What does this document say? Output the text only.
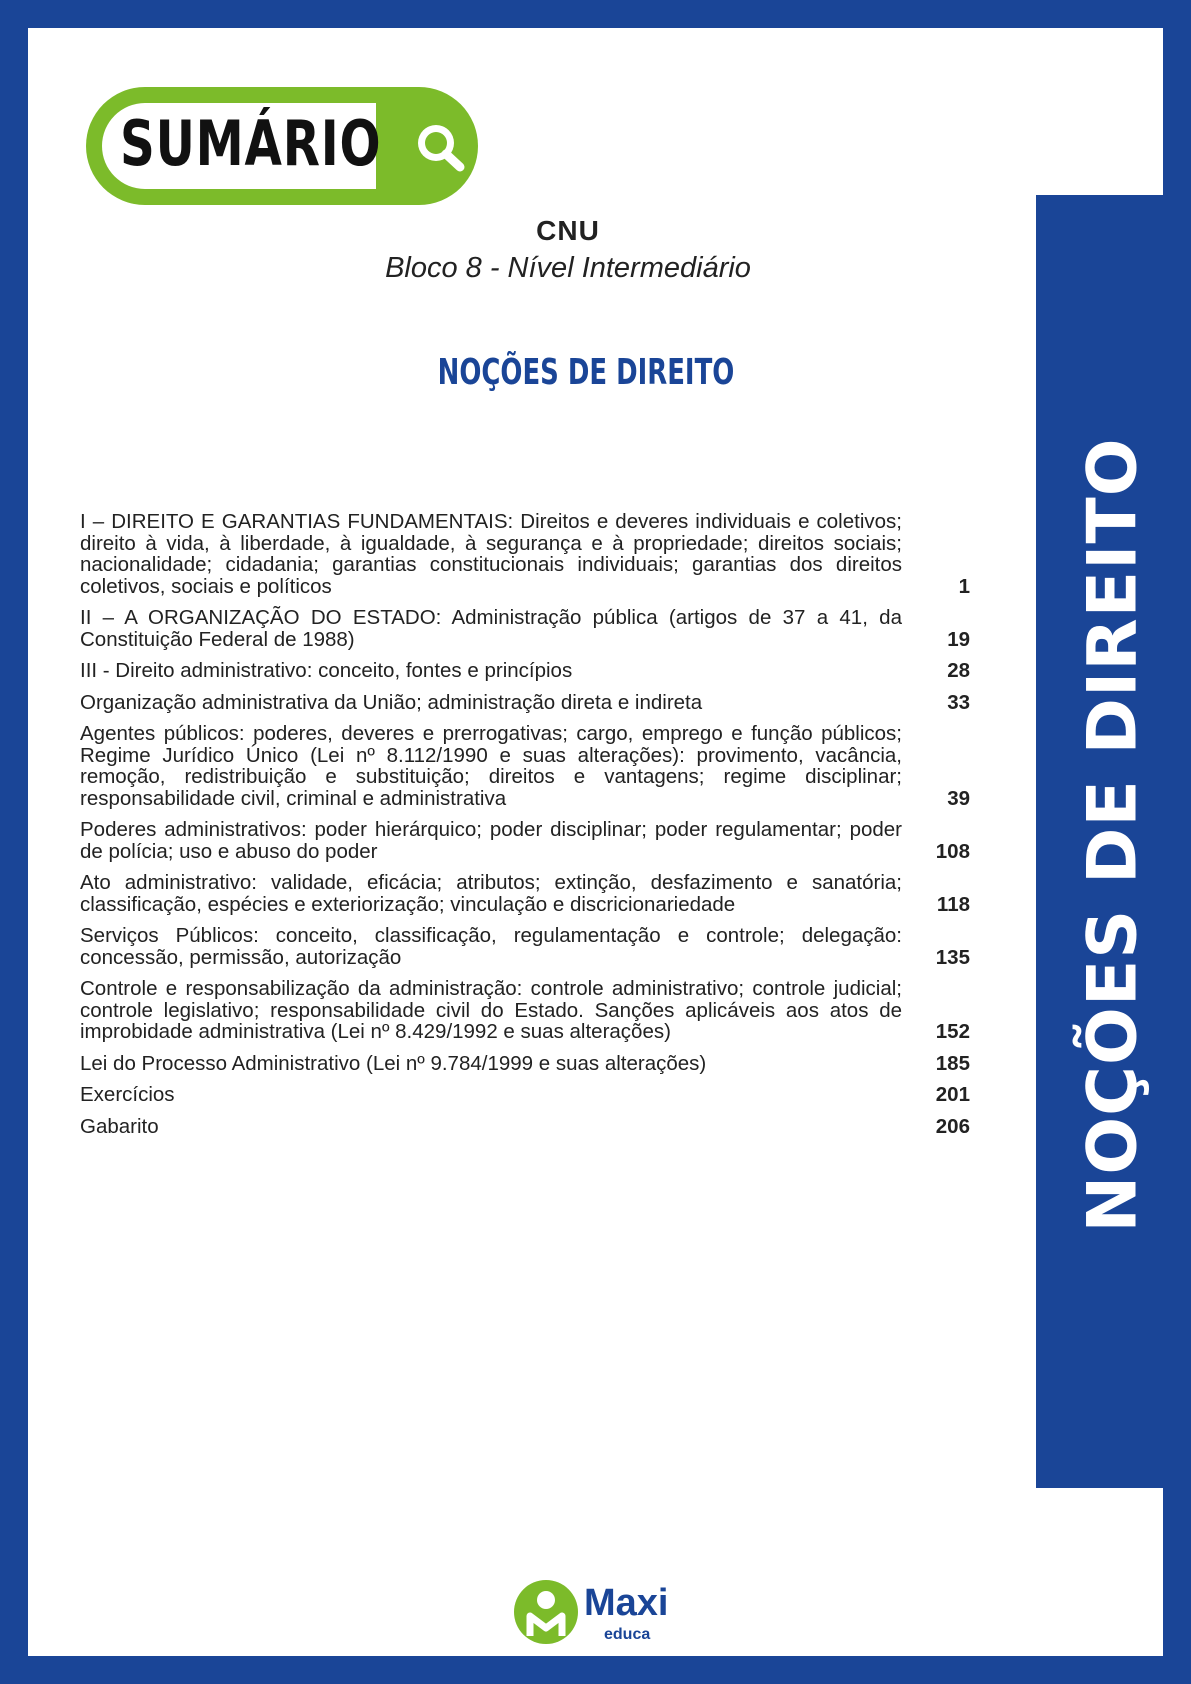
NOÇÕES DE DIREITO
SUMÁRIO
CNU
Bloco 8 - Nível Intermediário
NOÇÕES DE DIREITO
I – DIREITO E GARANTIAS FUNDAMENTAIS: Direitos e deveres individuais e coletivos; direito à vida, à liberdade, à igualdade, à segurança e à propriedade; direitos sociais; nacionalidade; cidadania; garantias constitucionais individuais; garantias dos direitos coletivos, sociais e políticos	1
II – A ORGANIZAÇÃO DO ESTADO: Administração pública (artigos de 37 a 41, da Constituição Federal de 1988)	19
III - Direito administrativo: conceito, fontes e princípios	28
Organização administrativa da União; administração direta e indireta	33
Agentes públicos: poderes, deveres e prerrogativas; cargo, emprego e função públicos; Regime Jurídico Único (Lei nº 8.112/1990 e suas alterações): provimento, vacância, remoção, redistribuição e substituição; direitos e vantagens; regime disciplinar; responsabilidade civil, criminal e administrativa	39
Poderes administrativos: poder hierárquico; poder disciplinar; poder regulamentar; poder de polícia; uso e abuso do poder	108
Ato administrativo: validade, eficácia; atributos; extinção, desfazimento e sanatória; classificação, espécies e exteriorização; vinculação e discricionariedade	118
Serviços Públicos: conceito, classificação, regulamentação e controle; delegação: concessão, permissão, autorização	135
Controle e responsabilização da administração: controle administrativo; controle judicial; controle legislativo; responsabilidade civil do Estado. Sanções aplicáveis aos atos de improbidade administrativa (Lei nº 8.429/1992 e suas alterações)	152
Lei do Processo Administrativo (Lei nº 9.784/1999 e suas alterações)	185
Exercícios	201
Gabarito	206
Maxi
educa
